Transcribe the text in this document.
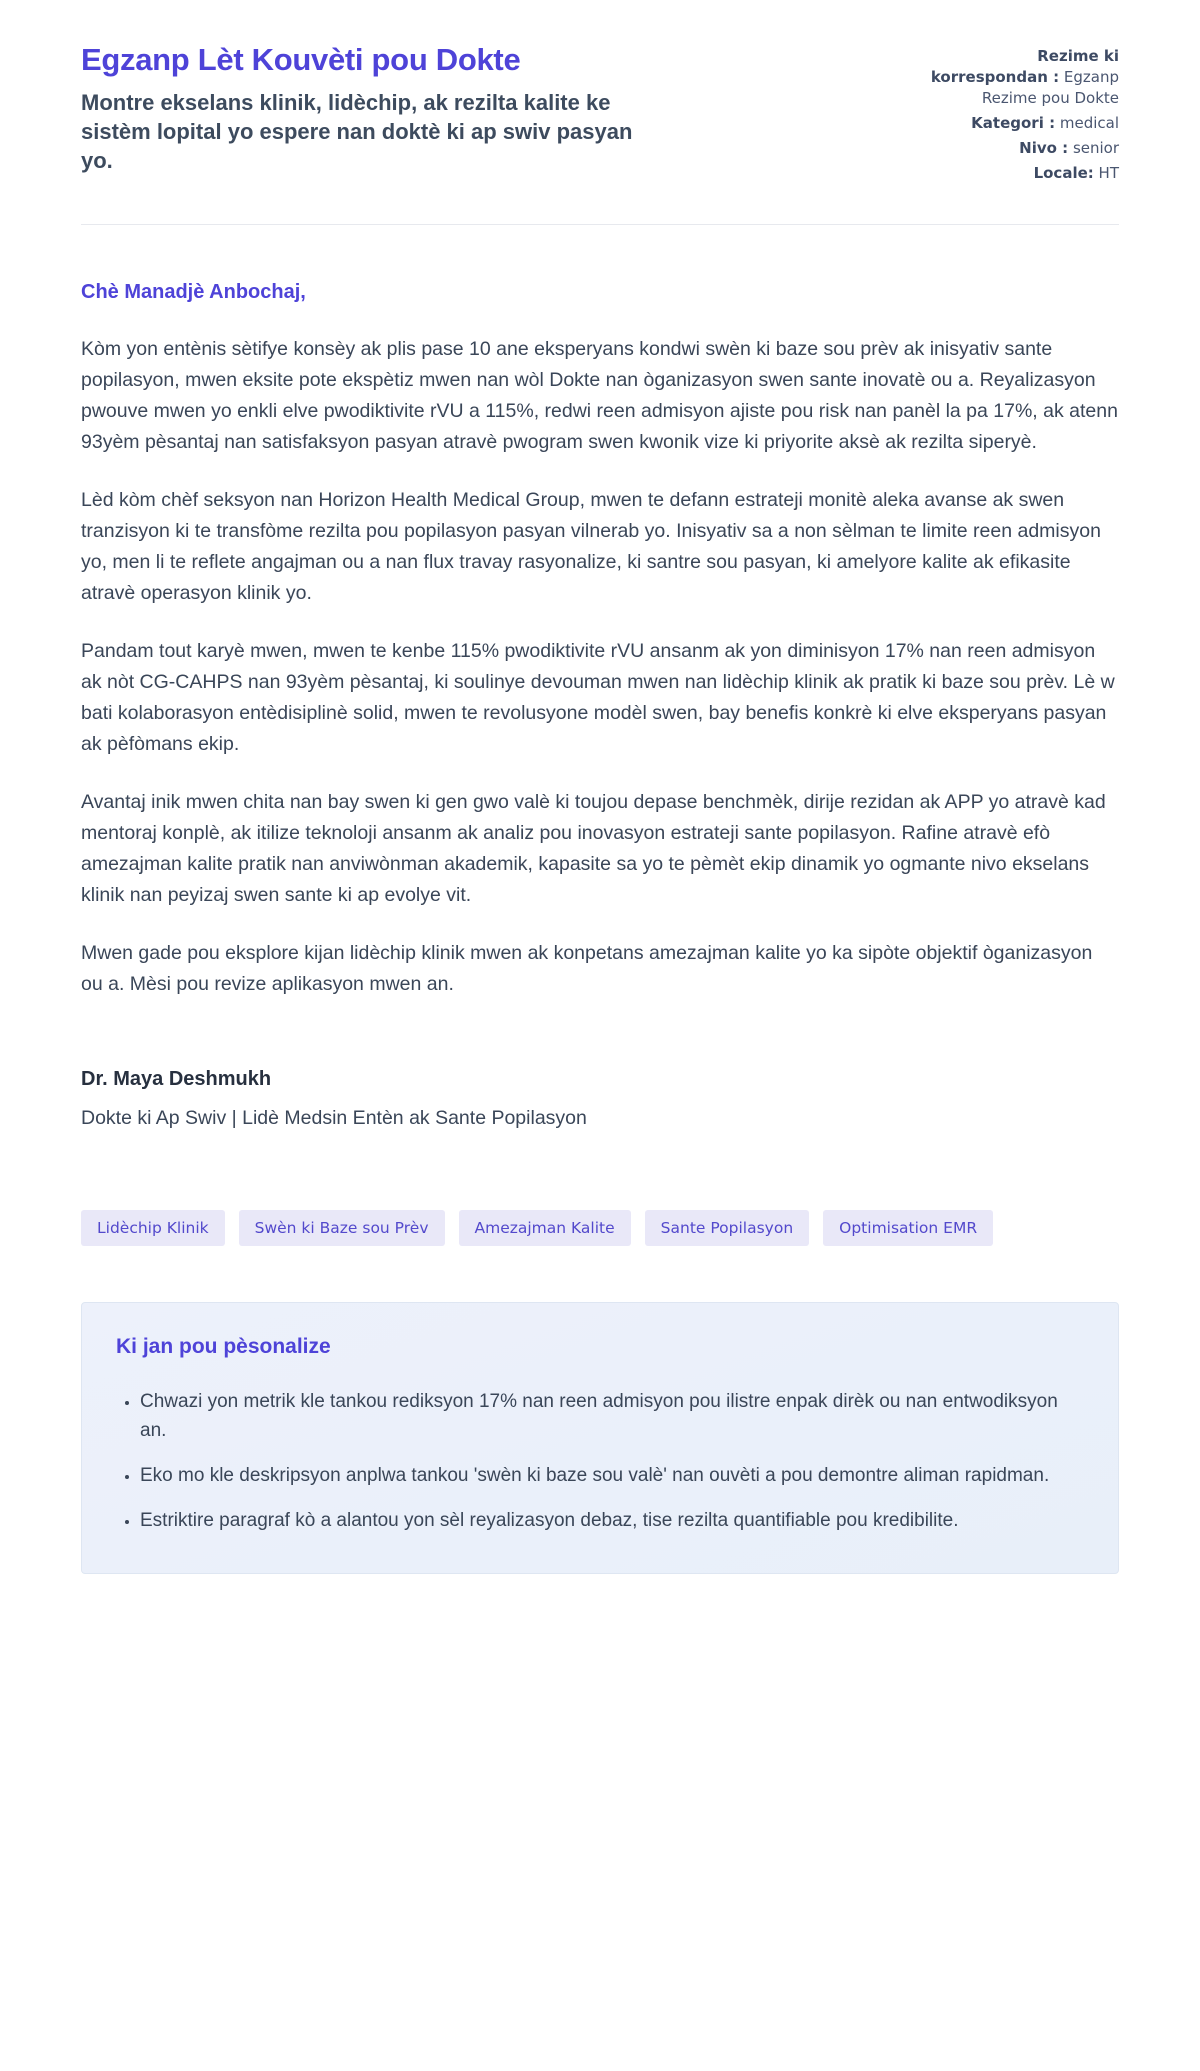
Egzanp Lèt Kouvèti pou Dokte

Montre ekselans klinik, lidèchip, ak rezilta kalite ke sistèm lopital yo espere nan doktè ki ap swiv pasyan yo.

Rezime ki korrespondan : Egzanp Rezime pou Dokte
Kategori : medical
Nivo : senior
Locale: HT

Chè Manadjè Anbochaj,

Kòm yon entènis sètifye konsèy ak plis pase 10 ane eksperyans kondwi swèn ki baze sou prèv ak inisyativ sante popilasyon, mwen eksite pote ekspètiz mwen nan wòl Dokte nan òganizasyon swen sante inovatè ou a. Reyalizasyon pwouve mwen yo enkli elve pwodiktivite rVU a 115%, redwi reen admisyon ajiste pou risk nan panèl la pa 17%, ak atenn 93yèm pèsantaj nan satisfaksyon pasyan atravè pwogram swen kwonik vize ki priyorite aksè ak rezilta siperyè.

Lèd kòm chèf seksyon nan Horizon Health Medical Group, mwen te defann estrateji monitè aleka avanse ak swen tranzisyon ki te transfòme rezilta pou popilasyon pasyan vilnerab yo. Inisyativ sa a non sèlman te limite reen admisyon yo, men li te reflete angajman ou a nan flux travay rasyonalize, ki santre sou pasyan, ki amelyore kalite ak efikasite atravè operasyon klinik yo.

Pandam tout karyè mwen, mwen te kenbe 115% pwodiktivite rVU ansanm ak yon diminisyon 17% nan reen admisyon ak nòt CG-CAHPS nan 93yèm pèsantaj, ki soulinye devouman mwen nan lidèchip klinik ak pratik ki baze sou prèv. Lè w bati kolaborasyon entèdisiplinè solid, mwen te revolusyone modèl swen, bay benefis konkrè ki elve eksperyans pasyan ak pèfòmans ekip.

Avantaj inik mwen chita nan bay swen ki gen gwo valè ki toujou depase benchmèk, dirije rezidan ak APP yo atravè kad mentoraj konplè, ak itilize teknoloji ansanm ak analiz pou inovasyon estrateji sante popilasyon. Rafine atravè efò amezajman kalite pratik nan anviwònman akademik, kapasite sa yo te pèmèt ekip dinamik yo ogmante nivo ekselans klinik nan peyizaj swen sante ki ap evolye vit.

Mwen gade pou eksplore kijan lidèchip klinik mwen ak konpetans amezajman kalite yo ka sipòte objektif òganizasyon ou a. Mèsi pou revize aplikasyon mwen an.

Dr. Maya Deshmukh

Dokte ki Ap Swiv | Lidè Medsin Entèn ak Sante Popilasyon

Lidèchip Klinik	Swèn ki Baze sou Prèv	Amezajman Kalite	Sante Popilasyon	Optimisation EMR
Ki jan pou pèsonalize
• Chwazi yon metrik kle tankou rediksyon 17% nan reen admisyon pou ilistre enpak dirèk ou nan entwodiksyon an.
• Eko mo kle deskripsyon anplwa tankou 'swèn ki baze sou valè' nan ouvèti a pou demontre aliman rapidman.
• Estriktire paragraf kò a alantou yon sèl reyalizasyon debaz, tise rezilta quantifiable pou kredibilite.
